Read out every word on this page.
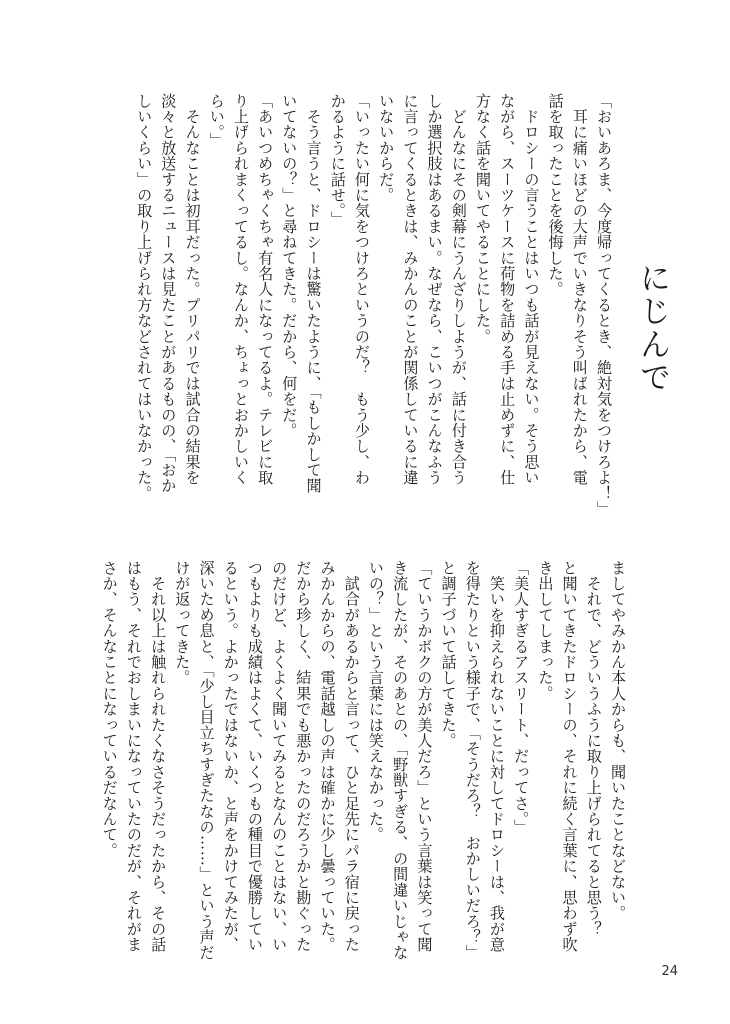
にじんで

「おいあろま、今度帰ってくるとき、絶対気をつけろよ！」

　耳に痛いほどの大声でいきなりそう叫ばれたから、電

話を取ったことを後悔した。

　ドロシーの言うことはいつも話が見えない。そう思い

ながら、スーツケースに荷物を詰める手は止めずに、仕

方なく話を聞いてやることにした。

　どんなにその剣幕にうんざりしようが、話に付き合う

しか選択肢はあるまい。なぜなら、こいつがこんなふう

に言ってくるときは、みかんのことが関係しているに違

いないからだ。

「いったい何に気をつけろというのだ？　もう少し、わ

かるように話せ。」

　そう言うと、ドロシーは驚いたように、「もしかして聞

いてないの？」と尋ねてきた。だから、何をだ。

「あいつめちゃくちゃ有名人になってるよ。テレビに取

り上げられまくってるし。なんか、ちょっとおかしいく

らい。」

　そんなことは初耳だった。プリパリでは試合の結果を

淡々と放送するニュースは見たことがあるものの、「おか

しいくらい」の取り上げられ方などされてはいなかった。

ましてやみかん本人からも、聞いたことなどない。

　それで、どういうふうに取り上げられてると思う？

と聞いてきたドロシーの、それに続く言葉に、思わず吹

き出してしまった。

「美人すぎるアスリート、だってさ。」

　笑いを抑えられないことに対してドロシーは、我が意

を得たりという様子で、「そうだろ？　おかしいだろ？」

と調子づいて話してきた。

「ていうかボクの方が美人だろ」という言葉は笑って聞

き流したが、そのあとの、「野獣すぎる、の間違いじゃな

いの？」という言葉には笑えなかった。

　試合があるからと言って、ひと足先にパラ宿に戻った

みかんからの、電話越しの声は確かに少し曇っていた。

だから珍しく、結果でも悪かったのだろうかと勘ぐった

のだけど、よくよく聞いてみるとなんのことはない、い

つもよりも成績はよくて、いくつもの種目で優勝してい

るという。よかったではないか、と声をかけてみたが、

深いため息と、「少し目立ちすぎたなの……」という声だ

けが返ってきた。

　それ以上は触れられたくなさそうだったから、その話

はもう、それでおしまいになっていたのだが、それがま

さか、そんなことになっているだなんて。

24
